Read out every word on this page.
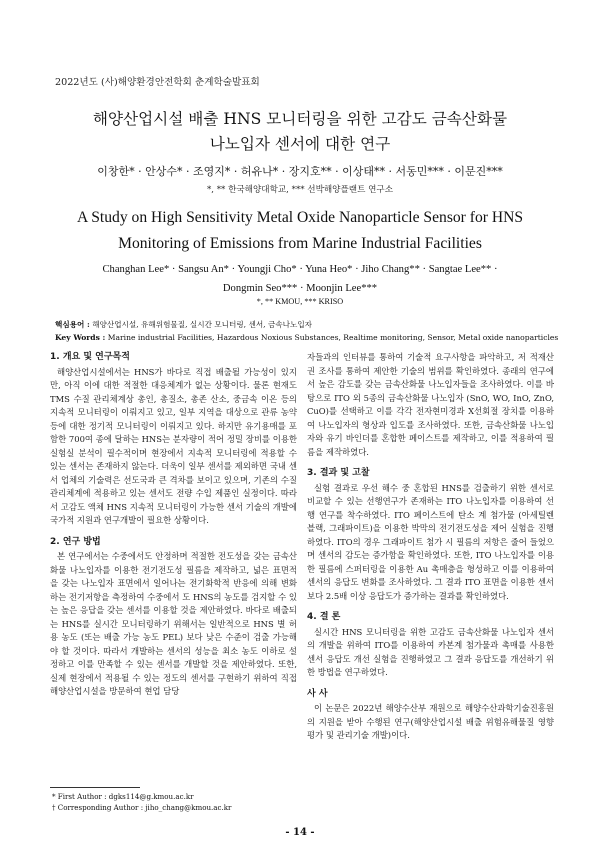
2022년도 (사)해양환경안전학회 춘계학술발표회
해양산업시설 배출 HNS 모니터링을 위한 고감도 금속산화물
나노입자 센서에 대한 연구
이창한* · 안상수* · 조영지* · 허유나* · 장지호** · 이상태** · 서동민*** · 이문진***
*, ** 한국해양대학교, *** 선박해양플랜트 연구소
A Study on High Sensitivity Metal Oxide Nanoparticle Sensor for HNS
Monitoring of Emissions from Marine Industrial Facilities
Changhan Lee* · Sangsu An* · Youngji Cho* · Yuna Heo* · Jiho Chang** · Sangtae Lee** ·
Dongmin Seo*** · Moonjin Lee***
*, ** KMOU, *** KRISO
핵심용어 : 해양산업시설, 유해위험물질, 실시간 모니터링, 센서, 금속나노입자
Key Words : Marine industrial Facilities, Hazardous Noxious Substances, Realtime monitoring, Sensor, Metal oxide nanoparticles
1. 개요 및 연구목적

해양산업시설에서는 HNS가 바다로 직접 배출될 가능성이 있지만, 아직 이에 대한 적절한 대응체계가 없는 상황이다. 물론 현재도 TMS 수질 관리체계상 총인, 총질소, 총존 산소, 중금속 이온 등의 지속적 모니터링이 이뤄지고 있고, 일부 지역을 대상으로 관류 농약 등에 대한 정기적 모니터링이 이뤄지고 있다. 하지만 유기용매를 포함한 700여 종에 달하는 HNS는 분자량이 적어 정밀 장비를 이용한 실험실 분석이 필수적이며 현장에서 지속적 모니터링에 적용할 수 있는 센서는 존재하지 않는다. 더욱이 일부 센서를 제외하면 국내 센서 업체의 기술력은 선도국과 큰 격차를 보이고 있으며, 기존의 수질 관리체계에 적용하고 있는 센서도 전량 수입 제품인 실정이다. 따라서 고감도 액체 HNS 지속적 모니터링이 가능한 센서 기술의 개발에 국가적 지원과 연구개발이 필요한 상황이다.

2. 연구 방법

본 연구에서는 수중에서도 안정하며 적절한 전도성을 갖는 금속산화물 나노입자를 이용한 전기전도성 필름을 제작하고, 넓은 표면적을 갖는 나노입자 표면에서 일어나는 전기화학적 반응에 의해 변화하는 전기저항을 측정하여 수중에서 도 HNS의 농도를 검지할 수 있는 높은 응답을 갖는 센서를 이용할 것을 제안하였다. 바다로 배출되는 HNS를 실시간 모니터링하기 위해서는 일반적으로 HNS 별 허용 농도 (또는 배출 가능 농도 PEL) 보다 낮은 수준이 검출 가능해야 할 것이다. 따라서 개발하는 센서의 성능을 최소 농도 이하로 설정하고 이를 만족할 수 있는 센서를 개발할 것을 제안하였다. 또한, 실제 현장에서 적용될 수 있는 정도의 센서를 구현하기 위하여 직접 해양산업시설을 방문하여 현업 담당

자들과의 인터뷰를 통하여 기술적 요구사항을 파악하고, 저 적재산권 조사를 통하여 제안한 기술의 범위를 확인하였다. 종래의 연구에서 높은 감도를 갖는 금속산화물 나노입자들을 조사하였다. 이를 바탕으로 ITO 외 5종의 금속산화물 나노입자 (SnO, WO, InO, ZnO, CuO)를 선택하고 이를 각각 전자현미경과 X선회절 장치를 이용하여 나노입자의 형상과 입도를 조사하였다. 또한, 금속산화물 나노입자와 유기 바인더를 혼합한 페이스트를 제작하고, 이를 적용하여 필름을 제작하였다.

3. 결과 및 고찰

실험 결과로 우선 해수 중 혼합된 HNS를 검출하기 위한 센서로 비교할 수 있는 선행연구가 존재하는 ITO 나노입자를 이용하여 선행 연구를 착수하였다. ITO 페이스트에 탄소 계 첨가물 (아세틸렌 블랙, 그래파이트)을 이용한 박막의 전기전도성을 제어 실험을 진행하였다. ITO의 경우 그래파이트 첨가 시 필름의 저항은 줄어 들었으며 센서의 감도는 증가함을 확인하였다. 또한, ITO 나노입자를 이용한 필름에 스퍼터링을 이용한 Au 촉매층을 형성하고 이를 이용하여 센서의 응답도 변화를 조사하였다. 그 결과 ITO 표면을 이용한 센서보다 2.5배 이상 응답도가 증가하는 결과를 확인하였다.

4. 결 론

실시간 HNS 모니터링을 위한 고감도 금속산화물 나노입자 센서의 개발을 위하여 ITO를 이용하여 카본계 첨가물과 촉매를 사용한 센서 응답도 개선 실험을 진행하였고 그 결과 응답도를 개선하기 위한 방법을 연구하였다.

사 사

이 논문은 2022년 해양수산부 재원으로 해양수산과학기술진흥원의 지원을 받아 수행된 연구(해양산업시설 배출 위험유해물질 영향평가 및 관리기술 개발)이다.

* First Author : dgks114@g.kmou.ac.kr
† Corresponding Author : jiho_chang@kmou.ac.kr
- 14 -
